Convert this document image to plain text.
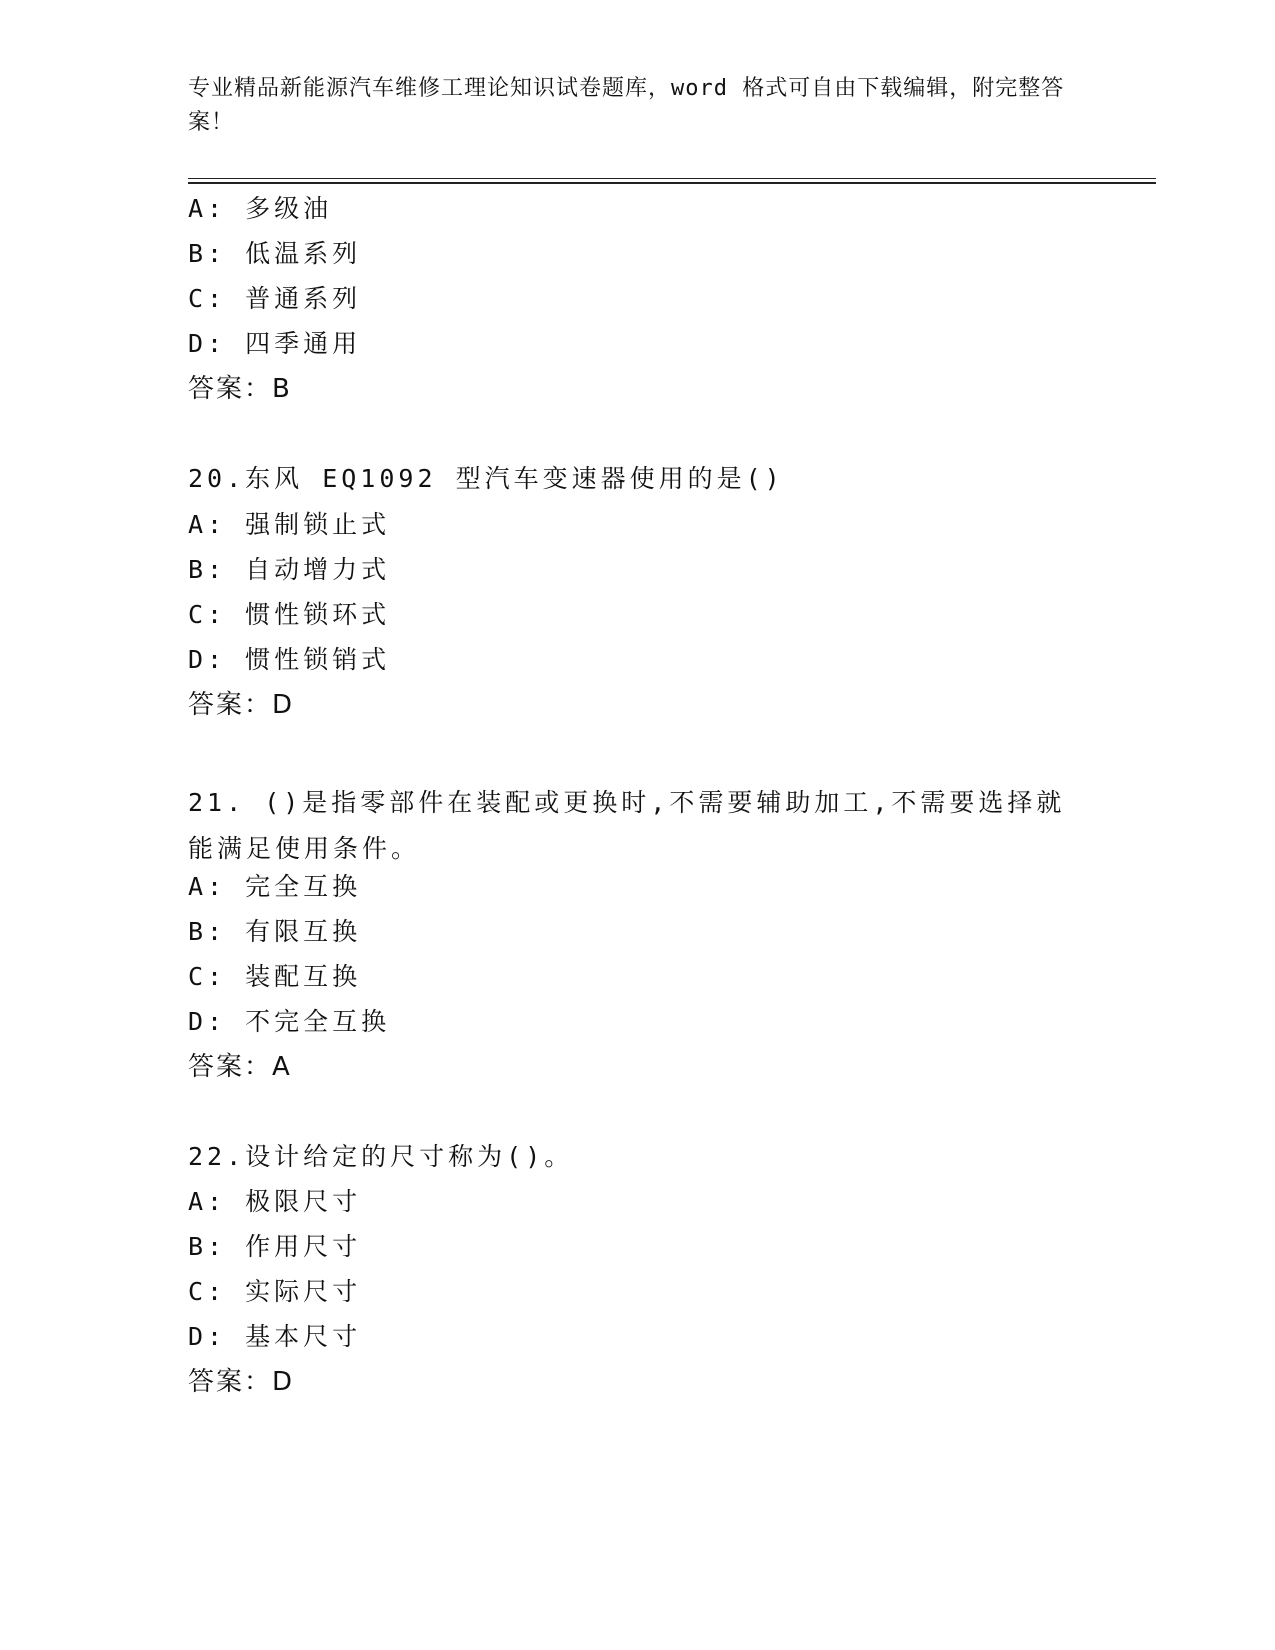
专业精品新能源汽车维修工理论知识试卷题库，word 格式可自由下载编辑，附完整答案！
A: 多级油
B: 低温系列
C: 普通系列
D: 四季通用
答案：B
20.东风 EQ1092 型汽车变速器使用的是()
A: 强制锁止式
B: 自动增力式
C: 惯性锁环式
D: 惯性锁销式
答案：D
21. ()是指零部件在装配或更换时,不需要辅助加工,不需要选择就能满足使用条件。
A: 完全互换
B: 有限互换
C: 装配互换
D: 不完全互换
答案：A
22.设计给定的尺寸称为()。
A: 极限尺寸
B: 作用尺寸
C: 实际尺寸
D: 基本尺寸
答案：D
